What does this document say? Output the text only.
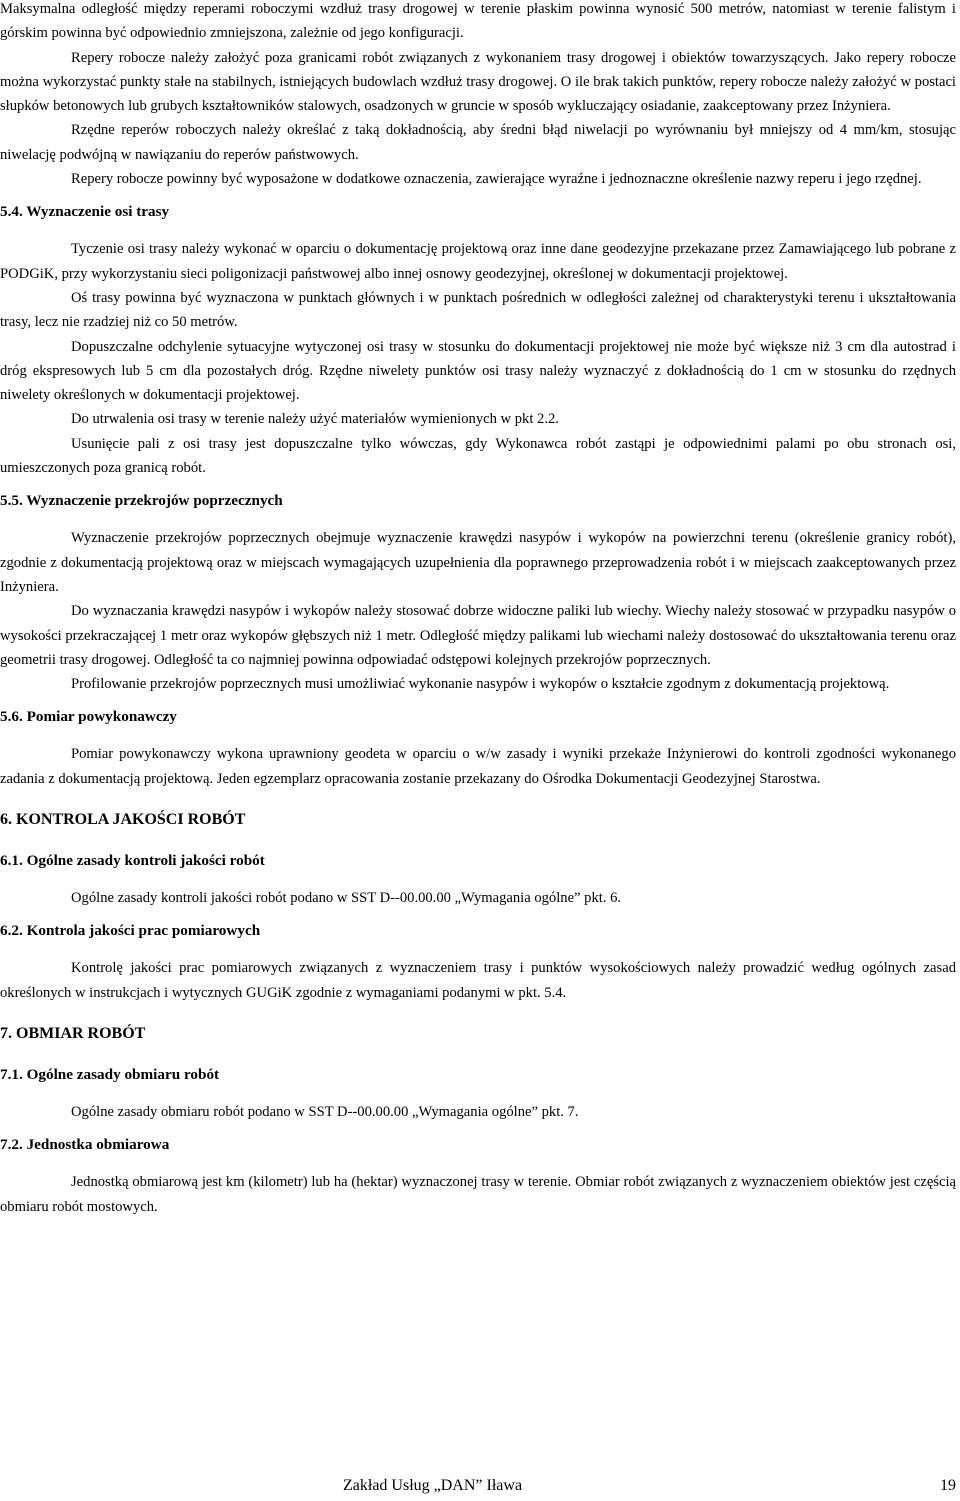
Maksymalna odległość między reperami roboczymi wzdłuż trasy drogowej w terenie płaskim powinna wynosić 500 metrów, natomiast w terenie falistym i górskim powinna być odpowiednio zmniejszona, zależnie od jego konfiguracji.

Repery robocze należy założyć poza granicami robót związanych z wykonaniem trasy drogowej i obiektów towarzyszących. Jako repery robocze można wykorzystać punkty stałe na stabilnych, istniejących budowlach wzdłuż trasy drogowej. O ile brak takich punktów, repery robocze należy założyć w postaci słupków betonowych lub grubych kształtowników stalowych, osadzonych w gruncie w sposób wykluczający osiadanie, zaakceptowany przez Inżyniera.

Rzędne reperów roboczych należy określać z taką dokładnością, aby średni błąd niwelacji po wyrównaniu był mniejszy od 4 mm/km, stosując niwelację podwójną w nawiązaniu do reperów państwowych.

Repery robocze powinny być wyposażone w dodatkowe oznaczenia, zawierające wyraźne i jednoznaczne określenie nazwy reperu i jego rzędnej.

5.4. Wyznaczenie osi trasy

Tyczenie osi trasy należy wykonać w oparciu o dokumentację projektową oraz inne dane geodezyjne przekazane przez Zamawiającego lub pobrane z PODGiK, przy wykorzystaniu sieci poligonizacji państwowej albo innej osnowy geodezyjnej, określonej w dokumentacji projektowej.

Oś trasy powinna być wyznaczona w punktach głównych i w punktach pośrednich w odległości zależnej od charakterystyki terenu i ukształtowania trasy, lecz nie rzadziej niż co 50 metrów.

Dopuszczalne odchylenie sytuacyjne wytyczonej osi trasy w stosunku do dokumentacji projektowej nie może być większe niż 3 cm dla autostrad i dróg ekspresowych lub 5 cm dla pozostałych dróg. Rzędne niwelety punktów osi trasy należy wyznaczyć z dokładnością do 1 cm w stosunku do rzędnych niwelety określonych w dokumentacji projektowej.

Do utrwalenia osi trasy w terenie należy użyć materiałów wymienionych w pkt 2.2.

Usunięcie pali z osi trasy jest dopuszczalne tylko wówczas, gdy Wykonawca robót zastąpi je odpowiednimi palami po obu stronach osi, umieszczonych poza granicą robót.

5.5. Wyznaczenie przekrojów poprzecznych

Wyznaczenie przekrojów poprzecznych obejmuje wyznaczenie krawędzi nasypów i wykopów na powierzchni terenu (określenie granicy robót), zgodnie z dokumentacją projektową oraz w miejscach wymagających uzupełnienia dla poprawnego przeprowadzenia robót i w miejscach zaakceptowanych przez Inżyniera.

Do wyznaczania krawędzi nasypów i wykopów należy stosować dobrze widoczne paliki lub wiechy. Wiechy należy stosować w przypadku nasypów o wysokości przekraczającej 1 metr oraz wykopów głębszych niż 1 metr. Odległość między palikami lub wiechami należy dostosować do ukształtowania terenu oraz geometrii trasy drogowej. Odległość ta co najmniej powinna odpowiadać odstępowi kolejnych przekrojów poprzecznych.

Profilowanie przekrojów poprzecznych musi umożliwiać wykonanie nasypów i wykopów o kształcie zgodnym z dokumentacją projektową.

5.6. Pomiar powykonawczy

Pomiar powykonawczy wykona uprawniony geodeta w oparciu o w/w zasady i wyniki przekaże Inżynierowi do kontroli zgodności wykonanego zadania z dokumentacją projektową. Jeden egzemplarz opracowania zostanie przekazany do Ośrodka Dokumentacji Geodezyjnej Starostwa.

6. KONTROLA JAKOŚCI ROBÓT
6.1. Ogólne zasady kontroli jakości robót

Ogólne zasady kontroli jakości robót podano w SST D--00.00.00 „Wymagania ogólne” pkt. 6.

6.2. Kontrola jakości prac pomiarowych

Kontrolę jakości prac pomiarowych związanych z wyznaczeniem trasy i punktów wysokościowych należy prowadzić według ogólnych zasad określonych w instrukcjach i wytycznych GUGiK zgodnie z wymaganiami podanymi w pkt. 5.4.

7. OBMIAR ROBÓT
7.1. Ogólne zasady obmiaru robót

Ogólne zasady obmiaru robót podano w SST D--00.00.00 „Wymagania ogólne” pkt. 7.

7.2. Jednostka obmiarowa

Jednostką obmiarową jest km (kilometr) lub ha (hektar) wyznaczonej trasy w terenie. Obmiar robót związanych z wyznaczeniem obiektów jest częścią obmiaru robót mostowych.

Zakład Usług „DAN” Iława	19
